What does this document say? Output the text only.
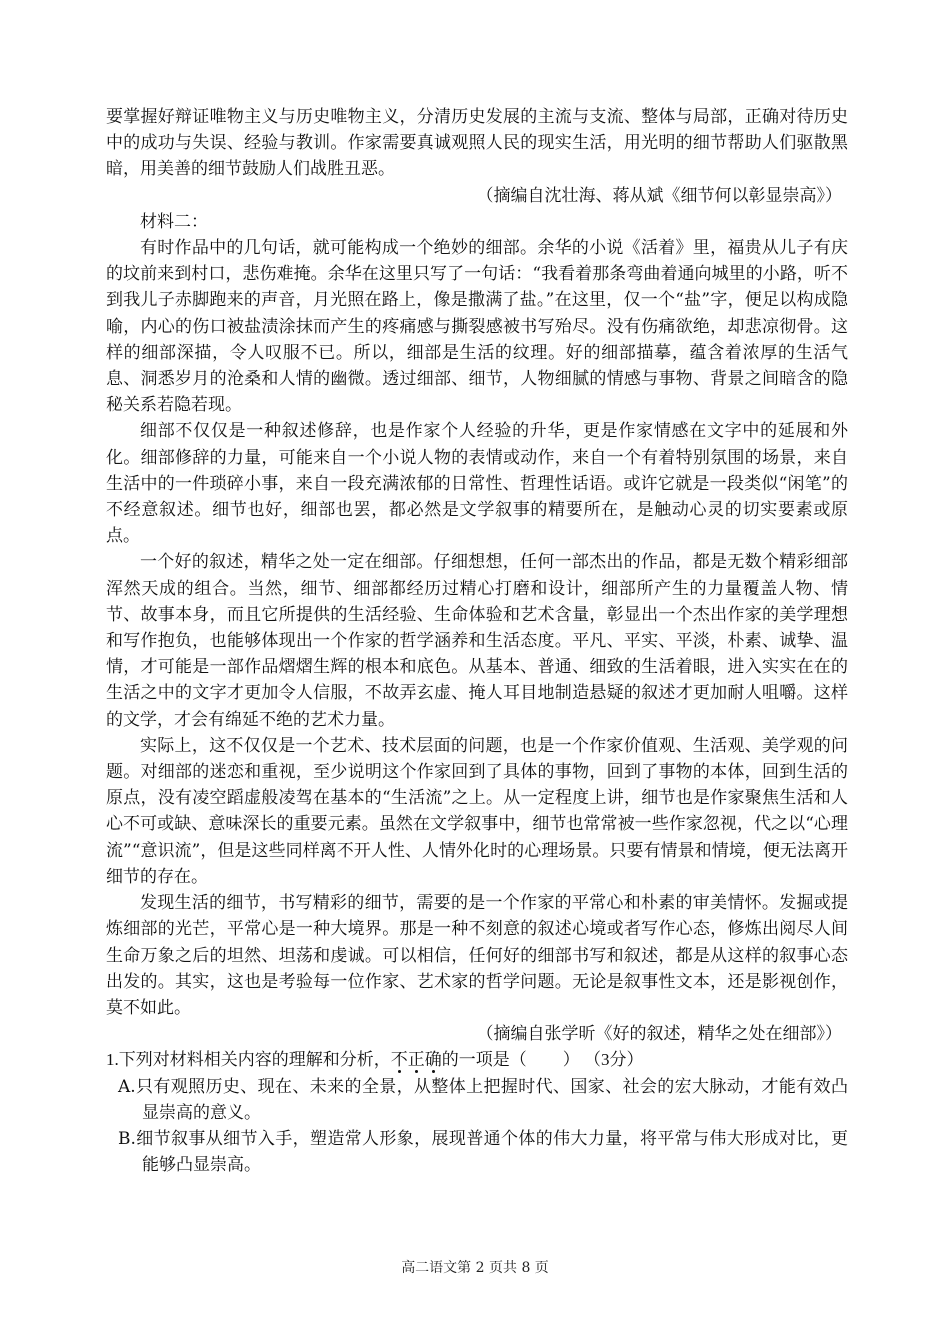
要掌握好辩证唯物主义与历史唯物主义，分清历史发展的主流与支流、整体与局部，正确对待历史中的成功与失误、经验与教训。作家需要真诚观照人民的现实生活，用光明的细节帮助人们驱散黑暗，用美善的细节鼓励人们战胜丑恶。

（摘编自沈壮海、蒋从斌《细节何以彰显崇高》）

材料二：

有时作品中的几句话，就可能构成一个绝妙的细部。余华的小说《活着》里，福贵从儿子有庆的坟前来到村口，悲伤难掩。余华在这里只写了一句话：“我看着那条弯曲着通向城里的小路，听不到我儿子赤脚跑来的声音，月光照在路上，像是撒满了盐。”在这里，仅一个“盐”字，便足以构成隐喻，内心的伤口被盐渍涂抹而产生的疼痛感与撕裂感被书写殆尽。没有伤痛欲绝，却悲凉彻骨。这样的细部深描，令人叹服不已。所以，细部是生活的纹理。好的细部描摹，蕴含着浓厚的生活气息、洞悉岁月的沧桑和人情的幽微。透过细部、细节，人物细腻的情感与事物、背景之间暗含的隐秘关系若隐若现。

细部不仅仅是一种叙述修辞，也是作家个人经验的升华，更是作家情感在文字中的延展和外化。细部修辞的力量，可能来自一个小说人物的表情或动作，来自一个有着特别氛围的场景，来自生活中的一件琐碎小事，来自一段充满浓郁的日常性、哲理性话语。或许它就是一段类似“闲笔”的不经意叙述。细节也好，细部也罢，都必然是文学叙事的精要所在，是触动心灵的切实要素或原点。

一个好的叙述，精华之处一定在细部。仔细想想，任何一部杰出的作品，都是无数个精彩细部浑然天成的组合。当然，细节、细部都经历过精心打磨和设计，细部所产生的力量覆盖人物、情节、故事本身，而且它所提供的生活经验、生命体验和艺术含量，彰显出一个杰出作家的美学理想和写作抱负，也能够体现出一个作家的哲学涵养和生活态度。平凡、平实、平淡，朴素、诚挚、温情，才可能是一部作品熠熠生辉的根本和底色。从基本、普通、细致的生活着眼，进入实实在在的生活之中的文字才更加令人信服，不故弄玄虚、掩人耳目地制造悬疑的叙述才更加耐人咀嚼。这样的文学，才会有绵延不绝的艺术力量。

实际上，这不仅仅是一个艺术、技术层面的问题，也是一个作家价值观、生活观、美学观的问题。对细部的迷恋和重视，至少说明这个作家回到了具体的事物，回到了事物的本体，回到生活的原点，没有凌空蹈虚般凌驾在基本的“生活流”之上。从一定程度上讲，细节也是作家聚焦生活和人心不可或缺、意味深长的重要元素。虽然在文学叙事中，细节也常常被一些作家忽视，代之以“心理流”“意识流”，但是这些同样离不开人性、人情外化时的心理场景。只要有情景和情境，便无法离开细节的存在。

发现生活的细节，书写精彩的细节，需要的是一个作家的平常心和朴素的审美情怀。发掘或提炼细部的光芒，平常心是一种大境界。那是一种不刻意的叙述心境或者写作心态，修炼出阅尽人间生命万象之后的坦然、坦荡和虔诚。可以相信，任何好的细部书写和叙述，都是从这样的叙事心态出发的。其实，这也是考验每一位作家、艺术家的哲学问题。无论是叙事性文本，还是影视创作，莫不如此。

（摘编自张学昕《好的叙述，精华之处在细部》）

1.下列对材料相关内容的理解和分析，不正确的一项是（ ） （3分）

A.只有观照历史、现在、未来的全景，从整体上把握时代、国家、社会的宏大脉动，才能有效凸显崇高的意义。

B.细节叙事从细节入手，塑造常人形象，展现普通个体的伟大力量，将平常与伟大形成对比，更能够凸显崇高。

高二语文第 2 页共 8 页
